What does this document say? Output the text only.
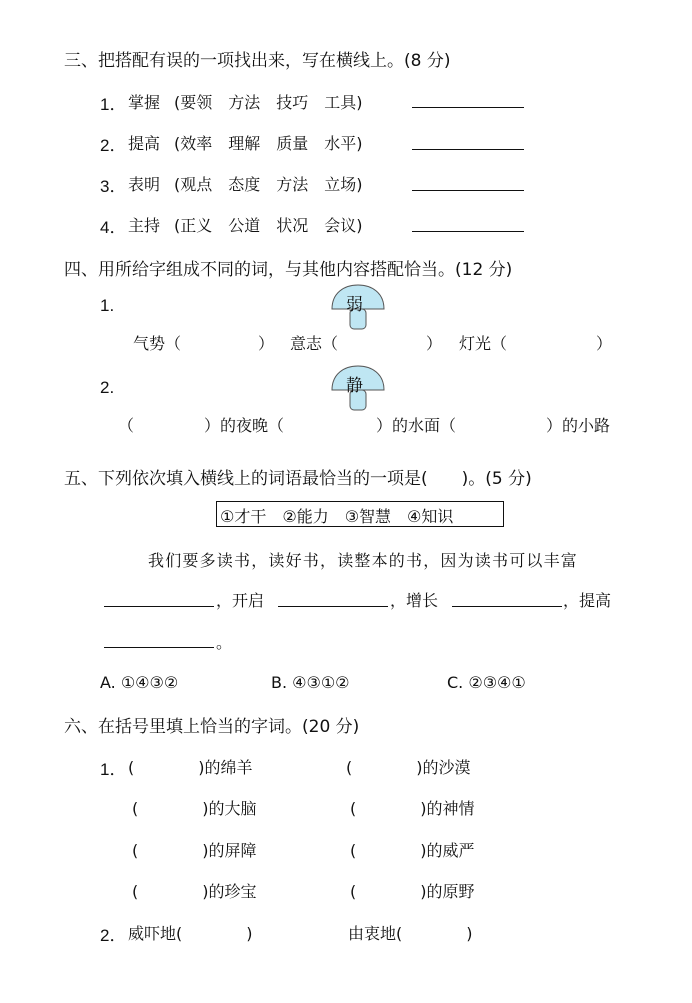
三、把搭配有误的一项找出来，写在横线上。(8 分)
1． 掌握 (要领　方法　技巧　工具)
2． 提高 (效率　理解　质量　水平)
3． 表明 (观点　态度　方法　立场)
4． 主持 (正义　公道　状况　会议)
四、用所给字组成不同的词，与其他内容搭配恰当。(12 分)
1.	弱
气势（	） 意志（	） 灯光（	）
2.	静
（	）的夜晚（	）的水面（	）的小路
五、下列依次填入横线上的词语最恰当的一项是(　　)。(5 分)
①才干　②能力　③智慧　④知识
我们要多读书，读好书，读整本的书，因为读书可以丰富
，开启	，增长	，提高
。
A. ①④③②	B. ④③①②	C. ②③④①
六、在括号里填上恰当的字词。(20 分)
1． (　　　　)的绵羊	(　　　　)的沙漠
(　　　　)的大脑	(　　　　)的神情
(　　　　)的屏障	(　　　　)的威严
(　　　　)的珍宝	(　　　　)的原野
2． 威吓地(　　　　)	由衷地(　　　　)
